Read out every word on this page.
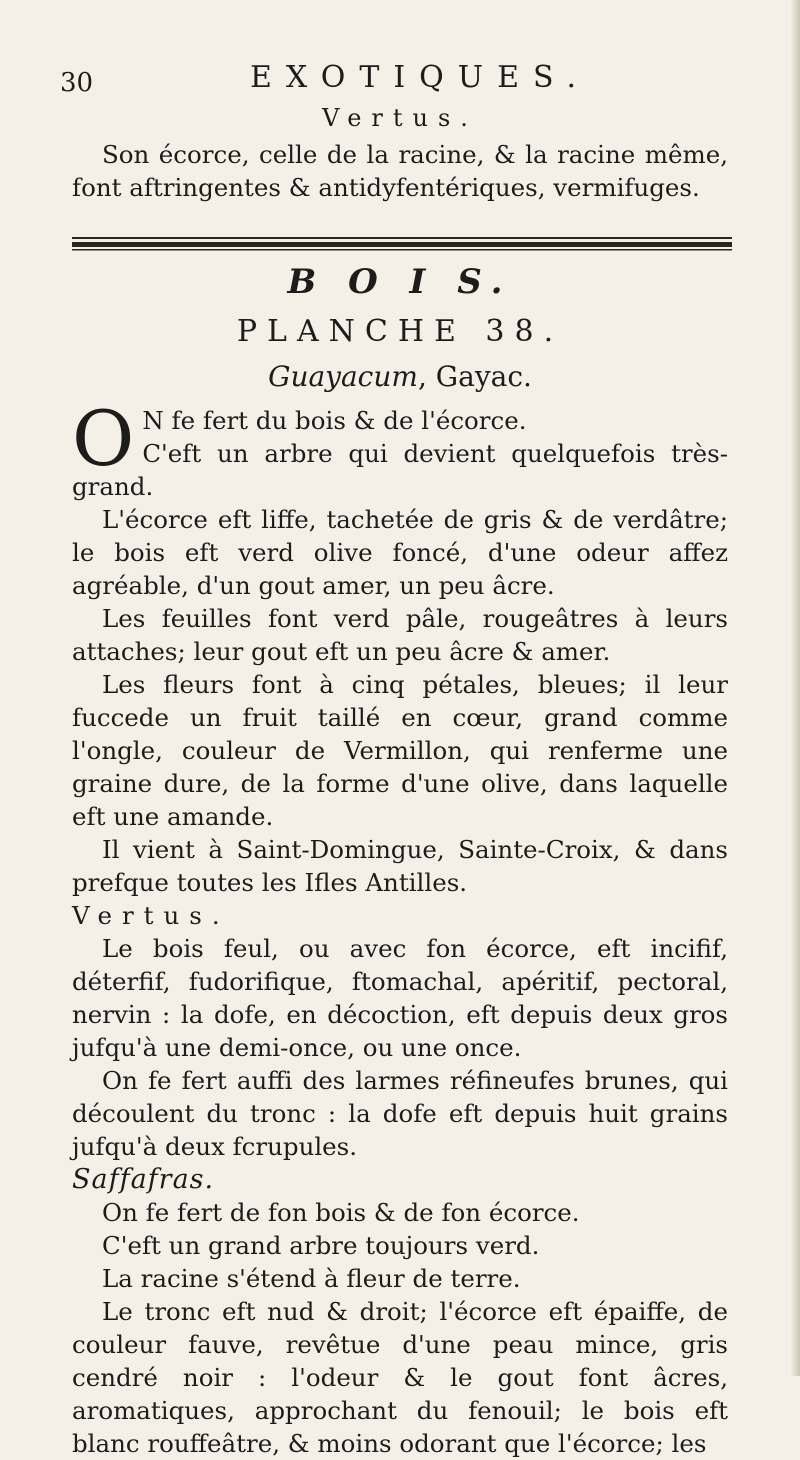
30	EXOTIQUES.
Vertus.

Son écorce, celle de la racine, & la racine même, font aftringentes & antidyfentériques, vermifuges.

B O I S.
PLANCHE 38.
Guayacum, Gayac.
O N fe fert du bois & de l'écorce.

C'eft un arbre qui devient quelquefois très-grand.

L'écorce eft liffe, tachetée de gris & de verdâtre; le bois eft verd olive foncé, d'une odeur affez agréable, d'un gout amer, un peu âcre.

Les feuilles font verd pâle, rougeâtres à leurs attaches; leur gout eft un peu âcre & amer.

Les fleurs font à cinq pétales, bleues; il leur fuccede un fruit taillé en cœur, grand comme l'ongle, couleur de Vermillon, qui renferme une graine dure, de la forme d'une olive, dans laquelle eft une amande.

Il vient à Saint-Domingue, Sainte-Croix, & dans prefque toutes les Ifles Antilles.

Vertus.

Le bois feul, ou avec fon écorce, eft incifif, déterfif, fudorifique, ftomachal, apéritif, pectoral, nervin : la dofe, en décoction, eft depuis deux gros jufqu'à une demi-once, ou une once.

On fe fert auffi des larmes réfineufes brunes, qui découlent du tronc : la dofe eft depuis huit grains jufqu'à deux fcrupules.

Saffafras.

On fe fert de fon bois & de fon écorce.

C'eft un grand arbre toujours verd.

La racine s'étend à fleur de terre.

Le tronc eft nud & droit; l'écorce eft épaiffe, de couleur fauve, revêtue d'une peau mince, gris cendré noir : l'odeur & le gout font âcres, aromatiques, approchant du fenouil; le bois eft blanc rouffeâtre, & moins odorant que l'écorce; les
